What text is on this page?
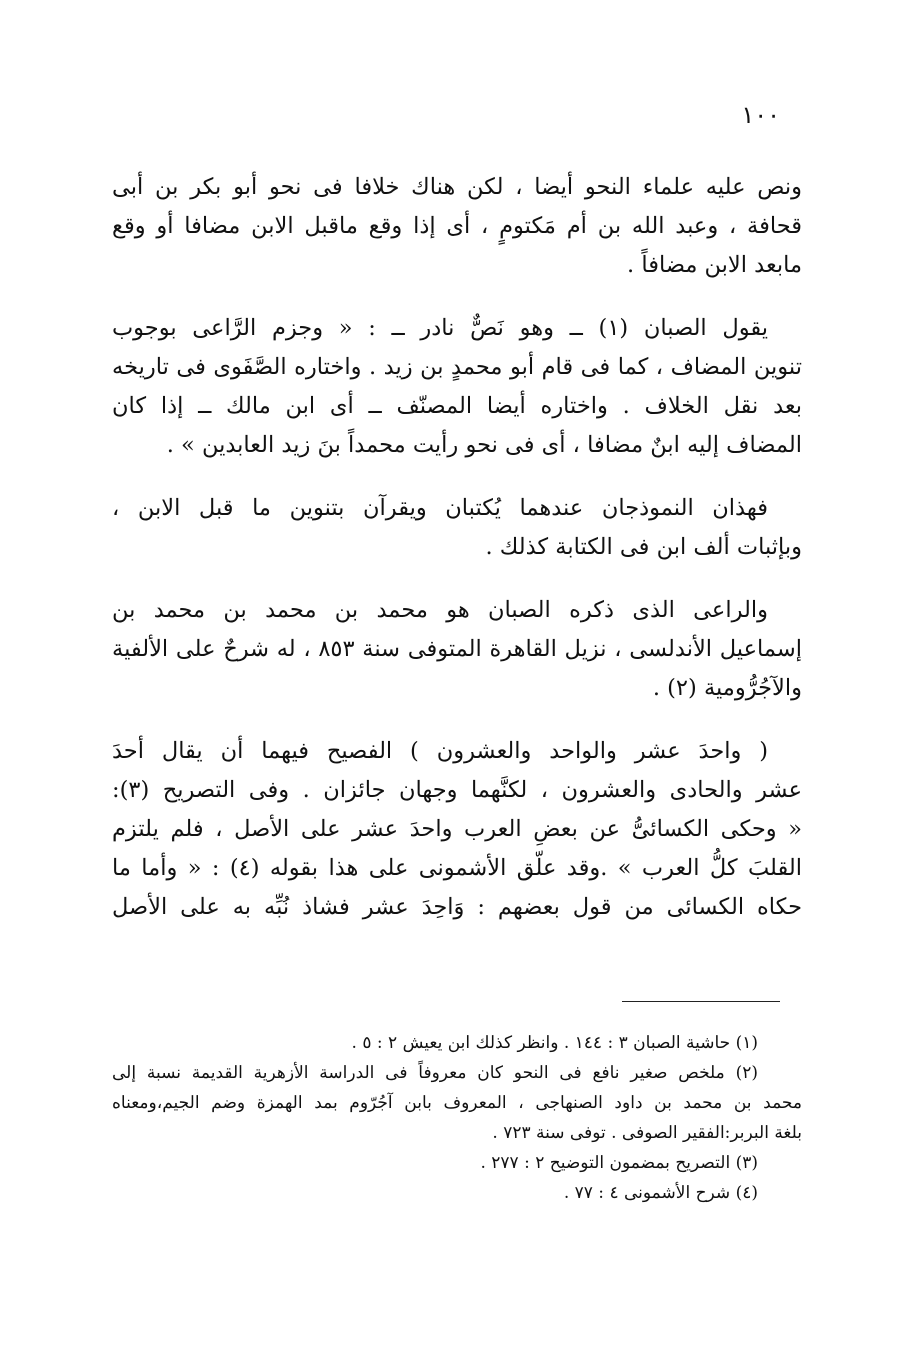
١٠٠

ونص عليه علماء النحو أيضا ، لكن هناك خلافا فى نحو أبو بكر بن أبى
قحافة ، وعبد الله بن أم مَكتومٍ ، أى إذا وقع ماقبل الابن مضافا أو وقع
مابعد الابن مضافاً .

يقول الصبان (١) ــ وهو نَصٌّ نادر ــ : « وجزم الرَّاعى بوجوب
تنوين المضاف ، كما فى قام أبو محمدٍ بن زيد . واختاره الصَّفَوى فى تاريخه
بعد نقل الخلاف . واختاره أيضا المصنّف ــ أى ابن مالك ــ إذا كان
المضاف إليه ابنٌ مضافا ، أى فى نحو رأيت محمداً بنَ زيد العابدين » .

فهذان النموذجان عندهما يُكتبان ويقرآن بتنوين ما قبل الابن ،
وبإثبات ألف ابن فى الكتابة كذلك .

والراعى الذى ذكره الصبان هو محمد بن محمد بن محمد بن
إسماعيل الأندلسى ، نزيل القاهرة المتوفى سنة ٨٥٣ ، له شرحٌ على الألفية
والآجُرُّومية (٢) .

( واحدَ عشر والواحد والعشرون ) الفصيح فيهما أن يقال أحدَ
عشر والحادى والعشرون ، لكنَّهما وجهان جائزان . وفى التصريح (٣):
« وحكى الكسائىُّ عن بعضِ العرب واحدَ عشر على الأصل ، فلم يلتزم
القلبَ كلُّ العرب » .وقد علّق الأشمونى على هذا بقوله (٤) : « وأما ما
حكاه الكسائى من قول بعضهم : وَاحِدَ عشر فشاذ نُبِّه به على الأصل

(١) حاشية الصبان ٣ : ١٤٤ . وانظر كذلك ابن يعيش ٢ : ٥ .
(٢) ملخص صغير نافع فى النحو كان معروفاً فى الدراسة الأزهرية القديمة نسبة إلى
محمد بن محمد بن داود الصنهاجى ، المعروف بابن آجُرّوم بمد الهمزة وضم الجيم،ومعناه
بلغة البربر:الفقير الصوفى . توفى سنة ٧٢٣ .
(٣) التصريح بمضمون التوضيح ٢ : ٢٧٧ .
(٤) شرح الأشمونى ٤ : ٧٧ .
